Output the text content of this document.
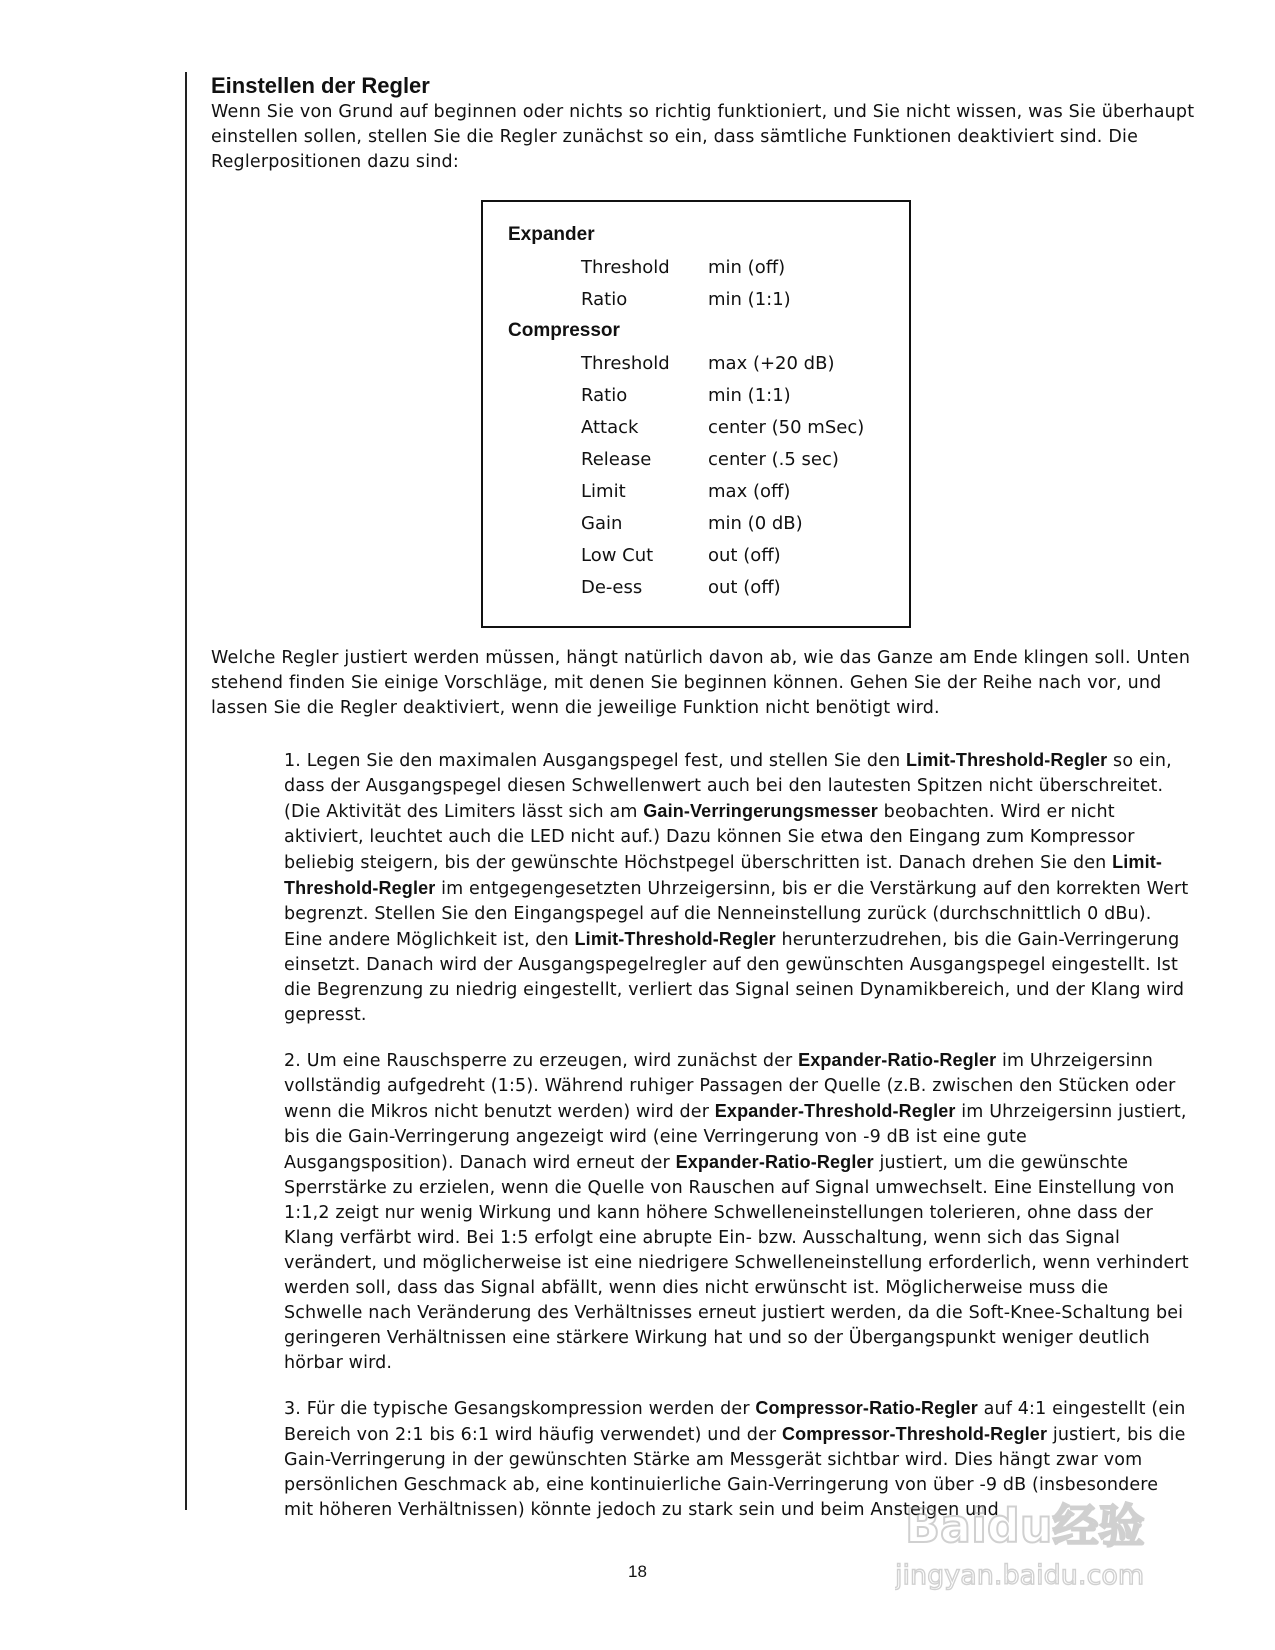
Einstellen der Regler

Wenn Sie von Grund auf beginnen oder nichts so richtig funktioniert, und Sie nicht wissen, was Sie überhaupt einstellen sollen, stellen Sie die Regler zunächst so ein, dass sämtliche Funktionen deaktiviert sind. Die Reglerpositionen dazu sind:

Expander
Threshold min (off)
Ratio	min (1:1)
Compressor
Threshold max (+20 dB)
Ratio	min (1:1)
Attack	center (50 mSec)
Release	center (.5 sec)
Limit	max (off)
Gain	min (0 dB)
Low Cut	out (off)
De-ess	out (off)

Welche Regler justiert werden müssen, hängt natürlich davon ab, wie das Ganze am Ende klingen soll. Unten stehend finden Sie einige Vorschläge, mit denen Sie beginnen können. Gehen Sie der Reihe nach vor, und lassen Sie die Regler deaktiviert, wenn die jeweilige Funktion nicht benötigt wird.

1. Legen Sie den maximalen Ausgangspegel fest, und stellen Sie den Limit-Threshold-Regler so ein, dass der Ausgangspegel diesen Schwellenwert auch bei den lautesten Spitzen nicht überschreitet. (Die Aktivität des Limiters lässt sich am Gain-Verringerungsmesser beobachten. Wird er nicht aktiviert, leuchtet auch die LED nicht auf.) Dazu können Sie etwa den Eingang zum Kompressor beliebig steigern, bis der gewünschte Höchstpegel überschritten ist. Danach drehen Sie den Limit-Threshold-Regler im entgegengesetzten Uhrzeigersinn, bis er die Verstärkung auf den korrekten Wert begrenzt. Stellen Sie den Eingangspegel auf die Nenneinstellung zurück (durchschnittlich 0 dBu). Eine andere Möglichkeit ist, den Limit-Threshold-Regler herunterzudrehen, bis die Gain-Verringerung einsetzt. Danach wird der Ausgangspegelregler auf den gewünschten Ausgangspegel eingestellt. Ist die Begrenzung zu niedrig eingestellt, verliert das Signal seinen Dynamikbereich, und der Klang wird gepresst.

2. Um eine Rauschsperre zu erzeugen, wird zunächst der Expander-Ratio-Regler im Uhrzeigersinn vollständig aufgedreht (1:5). Während ruhiger Passagen der Quelle (z.B. zwischen den Stücken oder wenn die Mikros nicht benutzt werden) wird der Expander-Threshold-Regler im Uhrzeigersinn justiert, bis die Gain-Verringerung angezeigt wird (eine Verringerung von -9 dB ist eine gute Ausgangsposition). Danach wird erneut der Expander-Ratio-Regler justiert, um die gewünschte Sperrstärke zu erzielen, wenn die Quelle von Rauschen auf Signal umwechselt. Eine Einstellung von 1:1,2 zeigt nur wenig Wirkung und kann höhere Schwelleneinstellungen tolerieren, ohne dass der Klang verfärbt wird. Bei 1:5 erfolgt eine abrupte Ein- bzw. Ausschaltung, wenn sich das Signal verändert, und möglicherweise ist eine niedrigere Schwelleneinstellung erforderlich, wenn verhindert werden soll, dass das Signal abfällt, wenn dies nicht erwünscht ist. Möglicherweise muss die Schwelle nach Veränderung des Verhältnisses erneut justiert werden, da die Soft-Knee-Schaltung bei geringeren Verhältnissen eine stärkere Wirkung hat und so der Übergangspunkt weniger deutlich hörbar wird.

3. Für die typische Gesangskompression werden der Compressor-Ratio-Regler auf 4:1 eingestellt (ein Bereich von 2:1 bis 6:1 wird häufig verwendet) und der Compressor-Threshold-Regler justiert, bis die Gain-Verringerung in der gewünschten Stärke am Messgerät sichtbar wird. Dies hängt zwar vom persönlichen Geschmack ab, eine kontinuierliche Gain-Verringerung von über -9 dB (insbesondere mit höheren Verhältnissen) könnte jedoch zu stark sein und beim Ansteigen und

18
Baidu经验
jingyan.baidu.com
